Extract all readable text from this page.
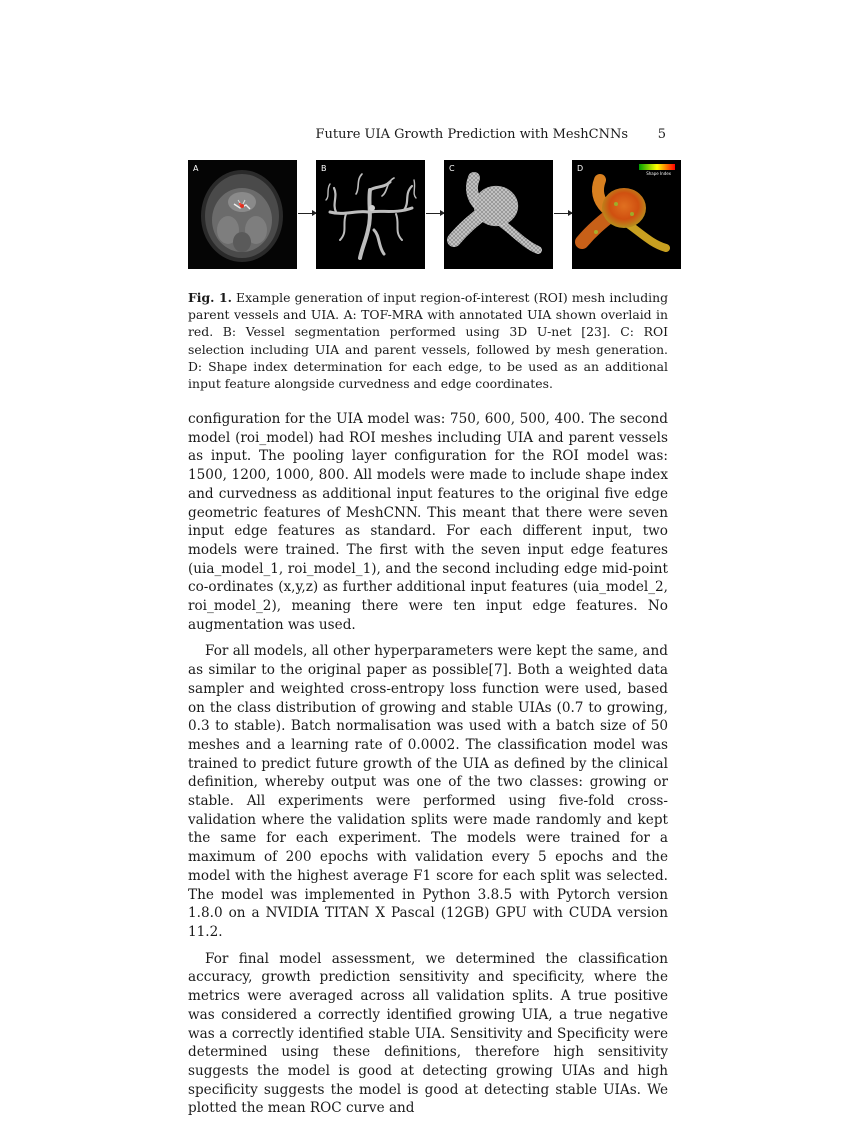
Future UIA Growth Prediction with MeshCNNs 5
A	B	C
Shape Index
D
Fig. 1. Example generation of input region-of-interest (ROI) mesh including parent vessels and UIA. A: TOF-MRA with annotated UIA shown overlaid in red. B: Vessel segmentation performed using 3D U-net [23]. C: ROI selection including UIA and parent vessels, followed by mesh generation. D: Shape index determination for each edge, to be used as an additional input feature alongside curvedness and edge coordinates.

configuration for the UIA model was: 750, 600, 500, 400. The second model (roi_model) had ROI meshes including UIA and parent vessels as input. The pooling layer configuration for the ROI model was: 1500, 1200, 1000, 800. All models were made to include shape index and curvedness as additional input features to the original five edge geometric features of MeshCNN. This meant that there were seven input edge features as standard. For each different input, two models were trained. The first with the seven input edge features (uia_model_1, roi_model_1), and the second including edge mid-point co-ordinates (x,y,z) as further additional input features (uia_model_2, roi_model_2), meaning there were ten input edge features. No augmentation was used.

For all models, all other hyperparameters were kept the same, and as similar to the original paper as possible[7]. Both a weighted data sampler and weighted cross-entropy loss function were used, based on the class distribution of growing and stable UIAs (0.7 to growing, 0.3 to stable). Batch normalisation was used with a batch size of 50 meshes and a learning rate of 0.0002. The classification model was trained to predict future growth of the UIA as defined by the clinical definition, whereby output was one of the two classes: growing or stable. All experiments were performed using five-fold cross-validation where the validation splits were made randomly and kept the same for each experiment. The models were trained for a maximum of 200 epochs with validation every 5 epochs and the model with the highest average F1 score for each split was selected. The model was implemented in Python 3.8.5 with Pytorch version 1.8.0 on a NVIDIA TITAN X Pascal (12GB) GPU with CUDA version 11.2.

For final model assessment, we determined the classification accuracy, growth prediction sensitivity and specificity, where the metrics were averaged across all validation splits. A true positive was considered a correctly identified growing UIA, a true negative was a correctly identified stable UIA. Sensitivity and Specificity were determined using these definitions, therefore high sensitivity suggests the model is good at detecting growing UIAs and high specificity suggests the model is good at detecting stable UIAs. We plotted the mean ROC curve and
